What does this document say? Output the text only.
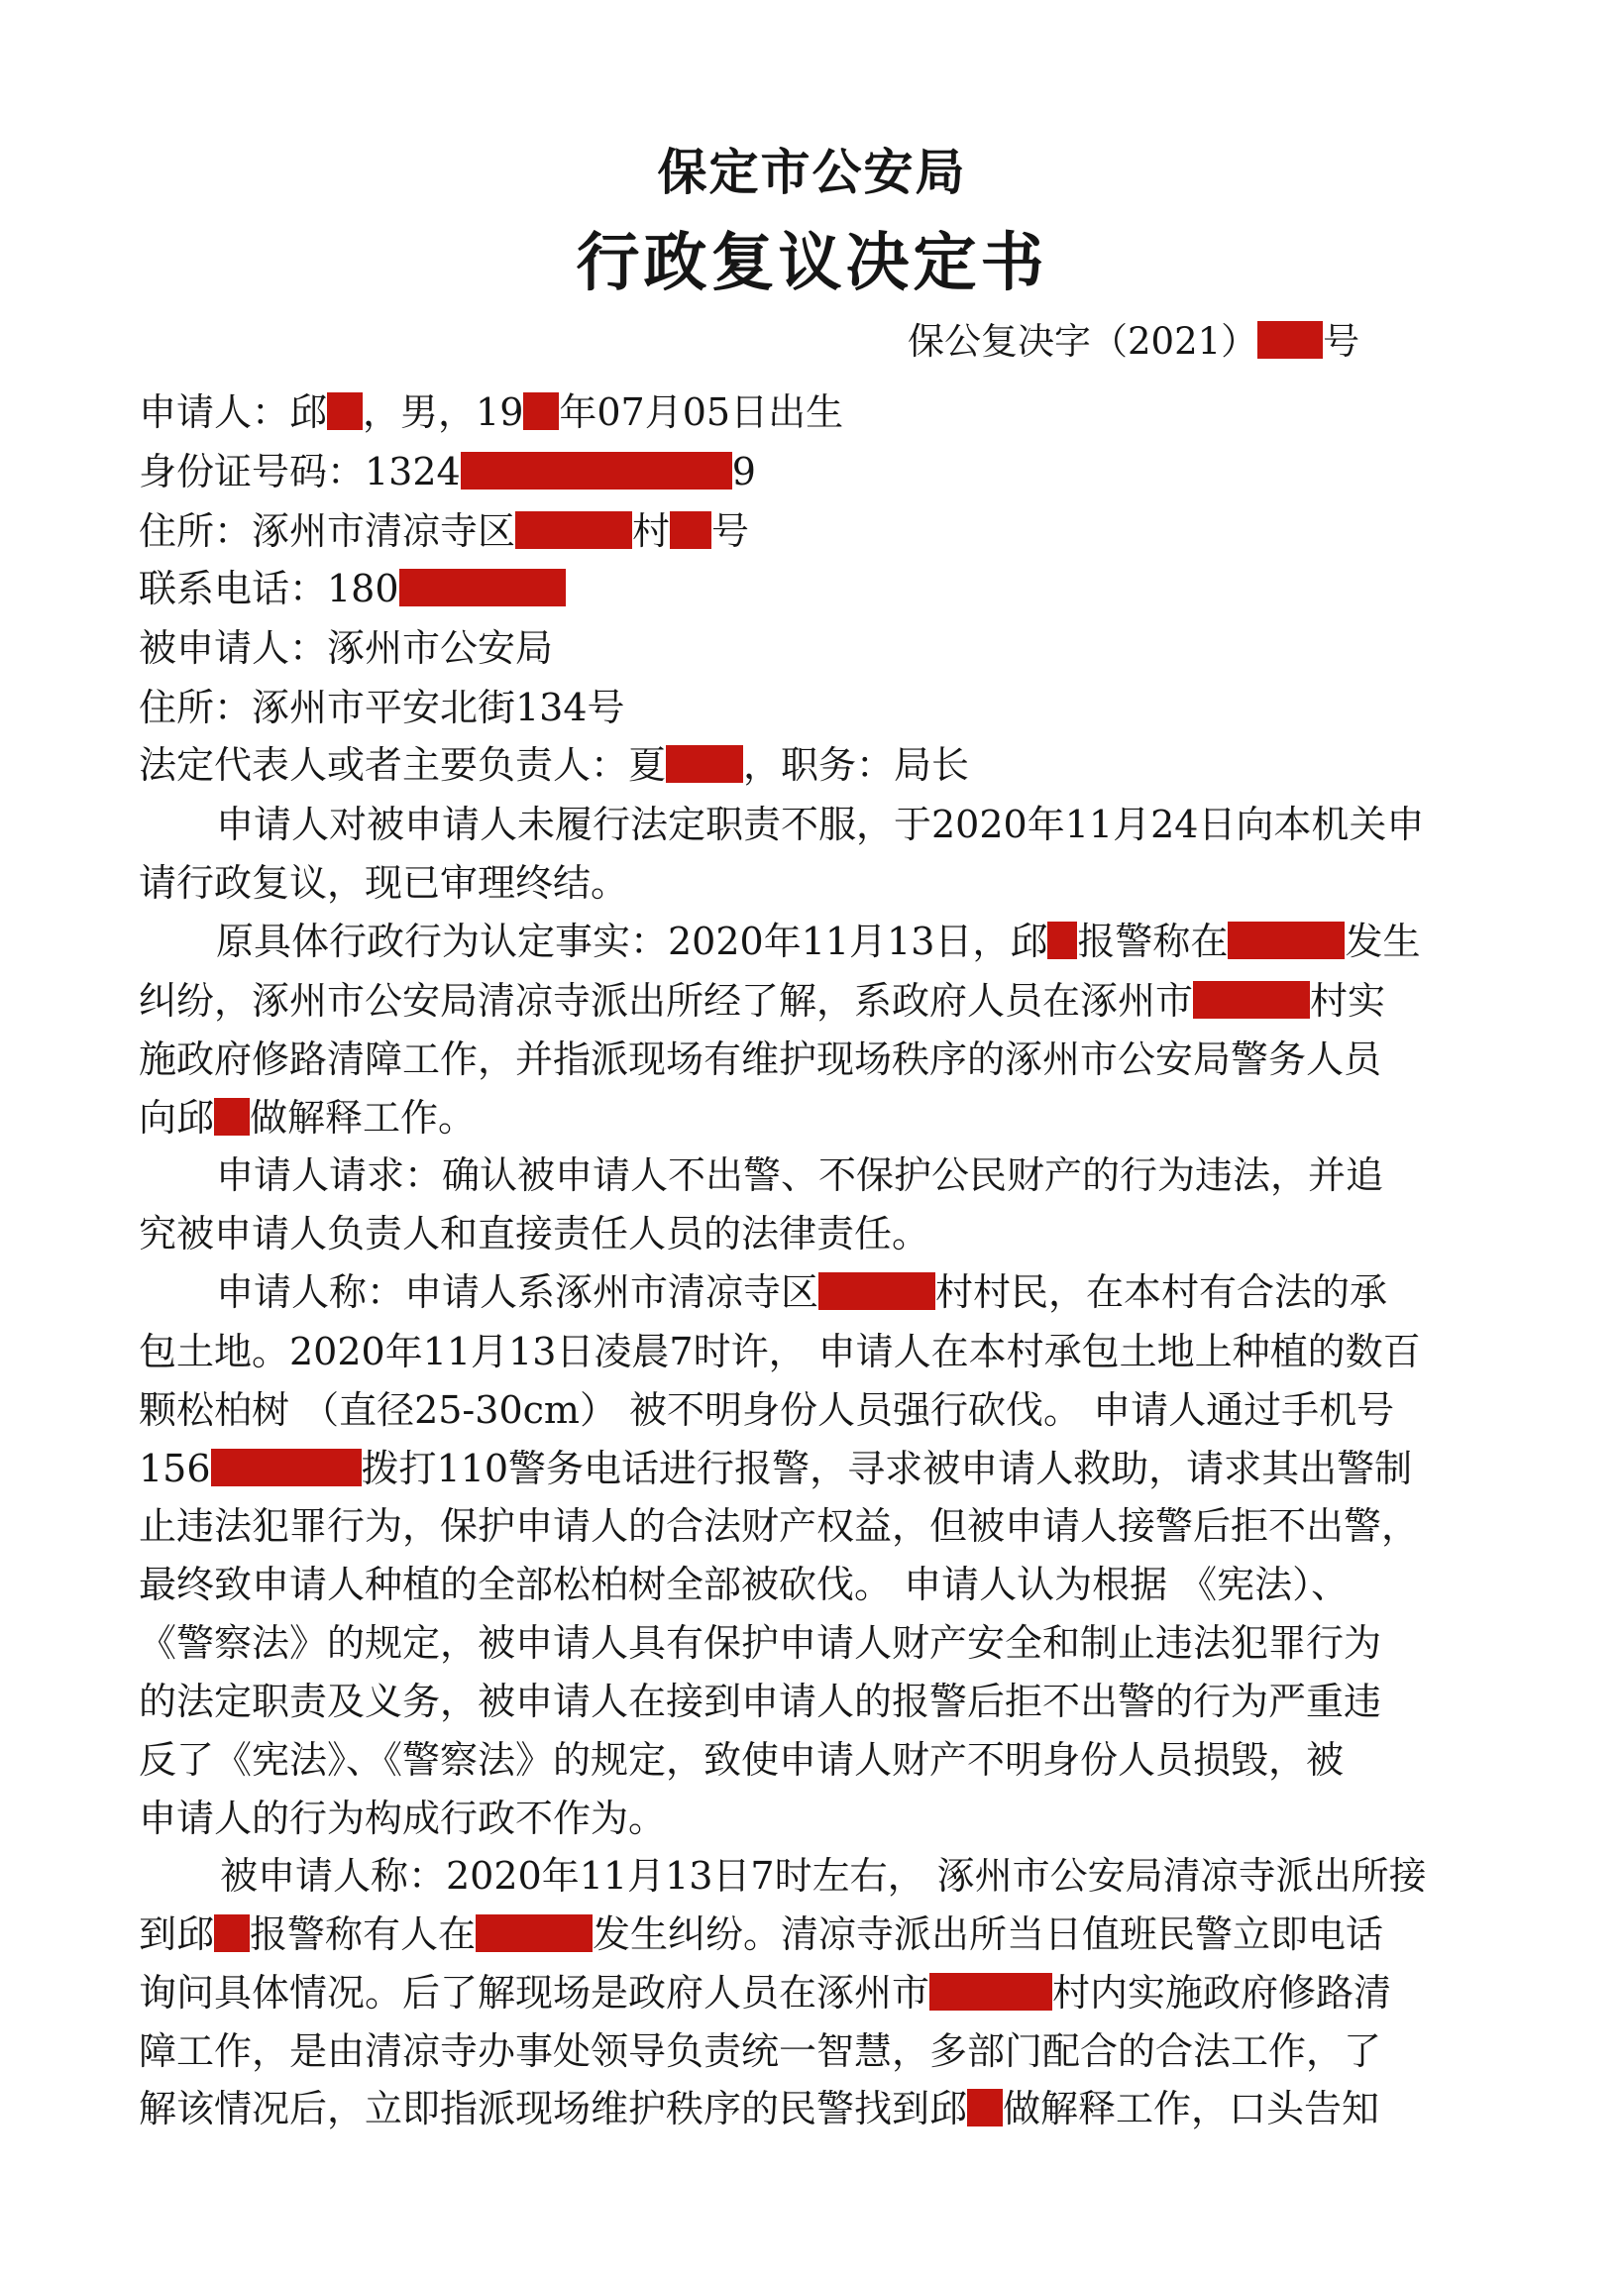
保定市公安局
行政复议决定书
保公复决字（2021） 号
申请人：邱 ，男，19 年07月05日出生
身份证号码：1324	9
住所：涿州市清凉寺区	村 号
联系电话：180
被申请人：涿州市公安局
住所：涿州市平安北街134号
法定代表人或者主要负责人：夏 ，职务：局长
申请人对被申请人未履行法定职责不服，于2020年11月24日向本机关申
请行政复议，现已审理终结。
原具体行政行为认定事实：2020年11月13日，邱 报警称在	发生
纠纷，涿州市公安局清凉寺派出所经了解，系政府人员在涿州市	村实
施政府修路清障工作，并指派现场有维护现场秩序的涿州市公安局警务人员
向邱 做解释工作。
申请人请求：确认被申请人不出警、不保护公民财产的行为违法，并追
究被申请人负责人和直接责任人员的法律责任。
申请人称：申请人系涿州市清凉寺区	村村民，在本村有合法的承
包土地。2020年11月13日凌晨7时许， 申请人在本村承包土地上种植的数百
颗松柏树 （直径25-30cm） 被不明身份人员强行砍伐。 申请人通过手机号
156	拨打110警务电话进行报警，寻求被申请人救助，请求其出警制
止违法犯罪行为，保护申请人的合法财产权益，但被申请人接警后拒不出警，
最终致申请人种植的全部松柏树全部被砍伐。 申请人认为根据 《宪法）、
《警察法》的规定，被申请人具有保护申请人财产安全和制止违法犯罪行为
的法定职责及义务，被申请人在接到申请人的报警后拒不出警的行为严重违
反了《宪法》、《警察法》的规定，致使申请人财产不明身份人员损毁，被
申请人的行为构成行政不作为。
被申请人称：2020年11月13日7时左右， 涿州市公安局清凉寺派出所接
到邱 报警称有人在	发生纠纷。清凉寺派出所当日值班民警立即电话
询问具体情况。后了解现场是政府人员在涿州市	村内实施政府修路清
障工作，是由清凉寺办事处领导负责统一智慧，多部门配合的合法工作，了
解该情况后，立即指派现场维护秩序的民警找到邱 做解释工作，口头告知
